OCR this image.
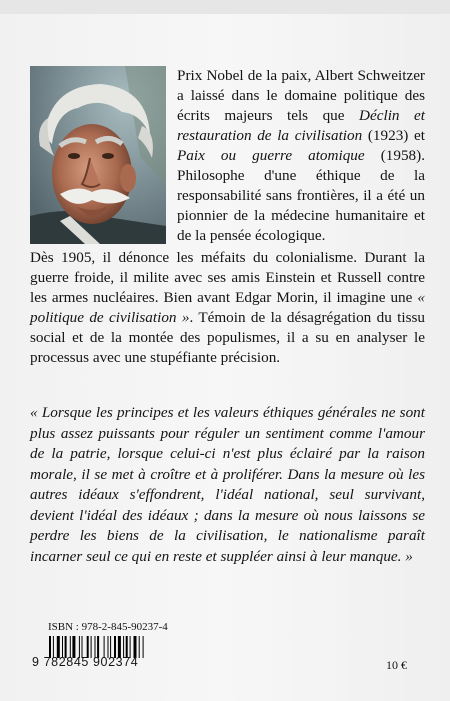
Prix Nobel de la paix, Albert Schweitzer a laissé dans le domaine politique des écrits majeurs tels que Déclin et restauration de la civilisation (1923) et Paix ou guerre atomique (1958). Philosophe d'une éthique de la responsabilité sans frontières, il a été un pionnier de la médecine humanitaire et de la pensée écologique.
Dès 1905, il dénonce les méfaits du colonialisme. Durant la guerre froide, il milite avec ses amis Einstein et Russell contre les armes nucléaires. Bien avant Edgar Morin, il imagine une « politique de civilisation ». Témoin de la désagrégation du tissu social et de la montée des populismes, il a su en analyser le processus avec une stupéfiante précision.
« Lorsque les principes et les valeurs éthiques générales ne sont plus assez puissants pour réguler un sentiment comme l'amour de la patrie, lorsque celui-ci n'est plus éclairé par la raison morale, il se met à croître et à proliférer. Dans la mesure où les autres idéaux s'effondrent, l'idéal national, seul survivant, devient l'idéal des idéaux ; dans la mesure où nous laissons se perdre les biens de la civilisation, le nationalisme paraît incarner seul ce qui en reste et suppléer ainsi à leur manque. »
ISBN : 978-2-845-90237-4
9 782845 902374	10 €
